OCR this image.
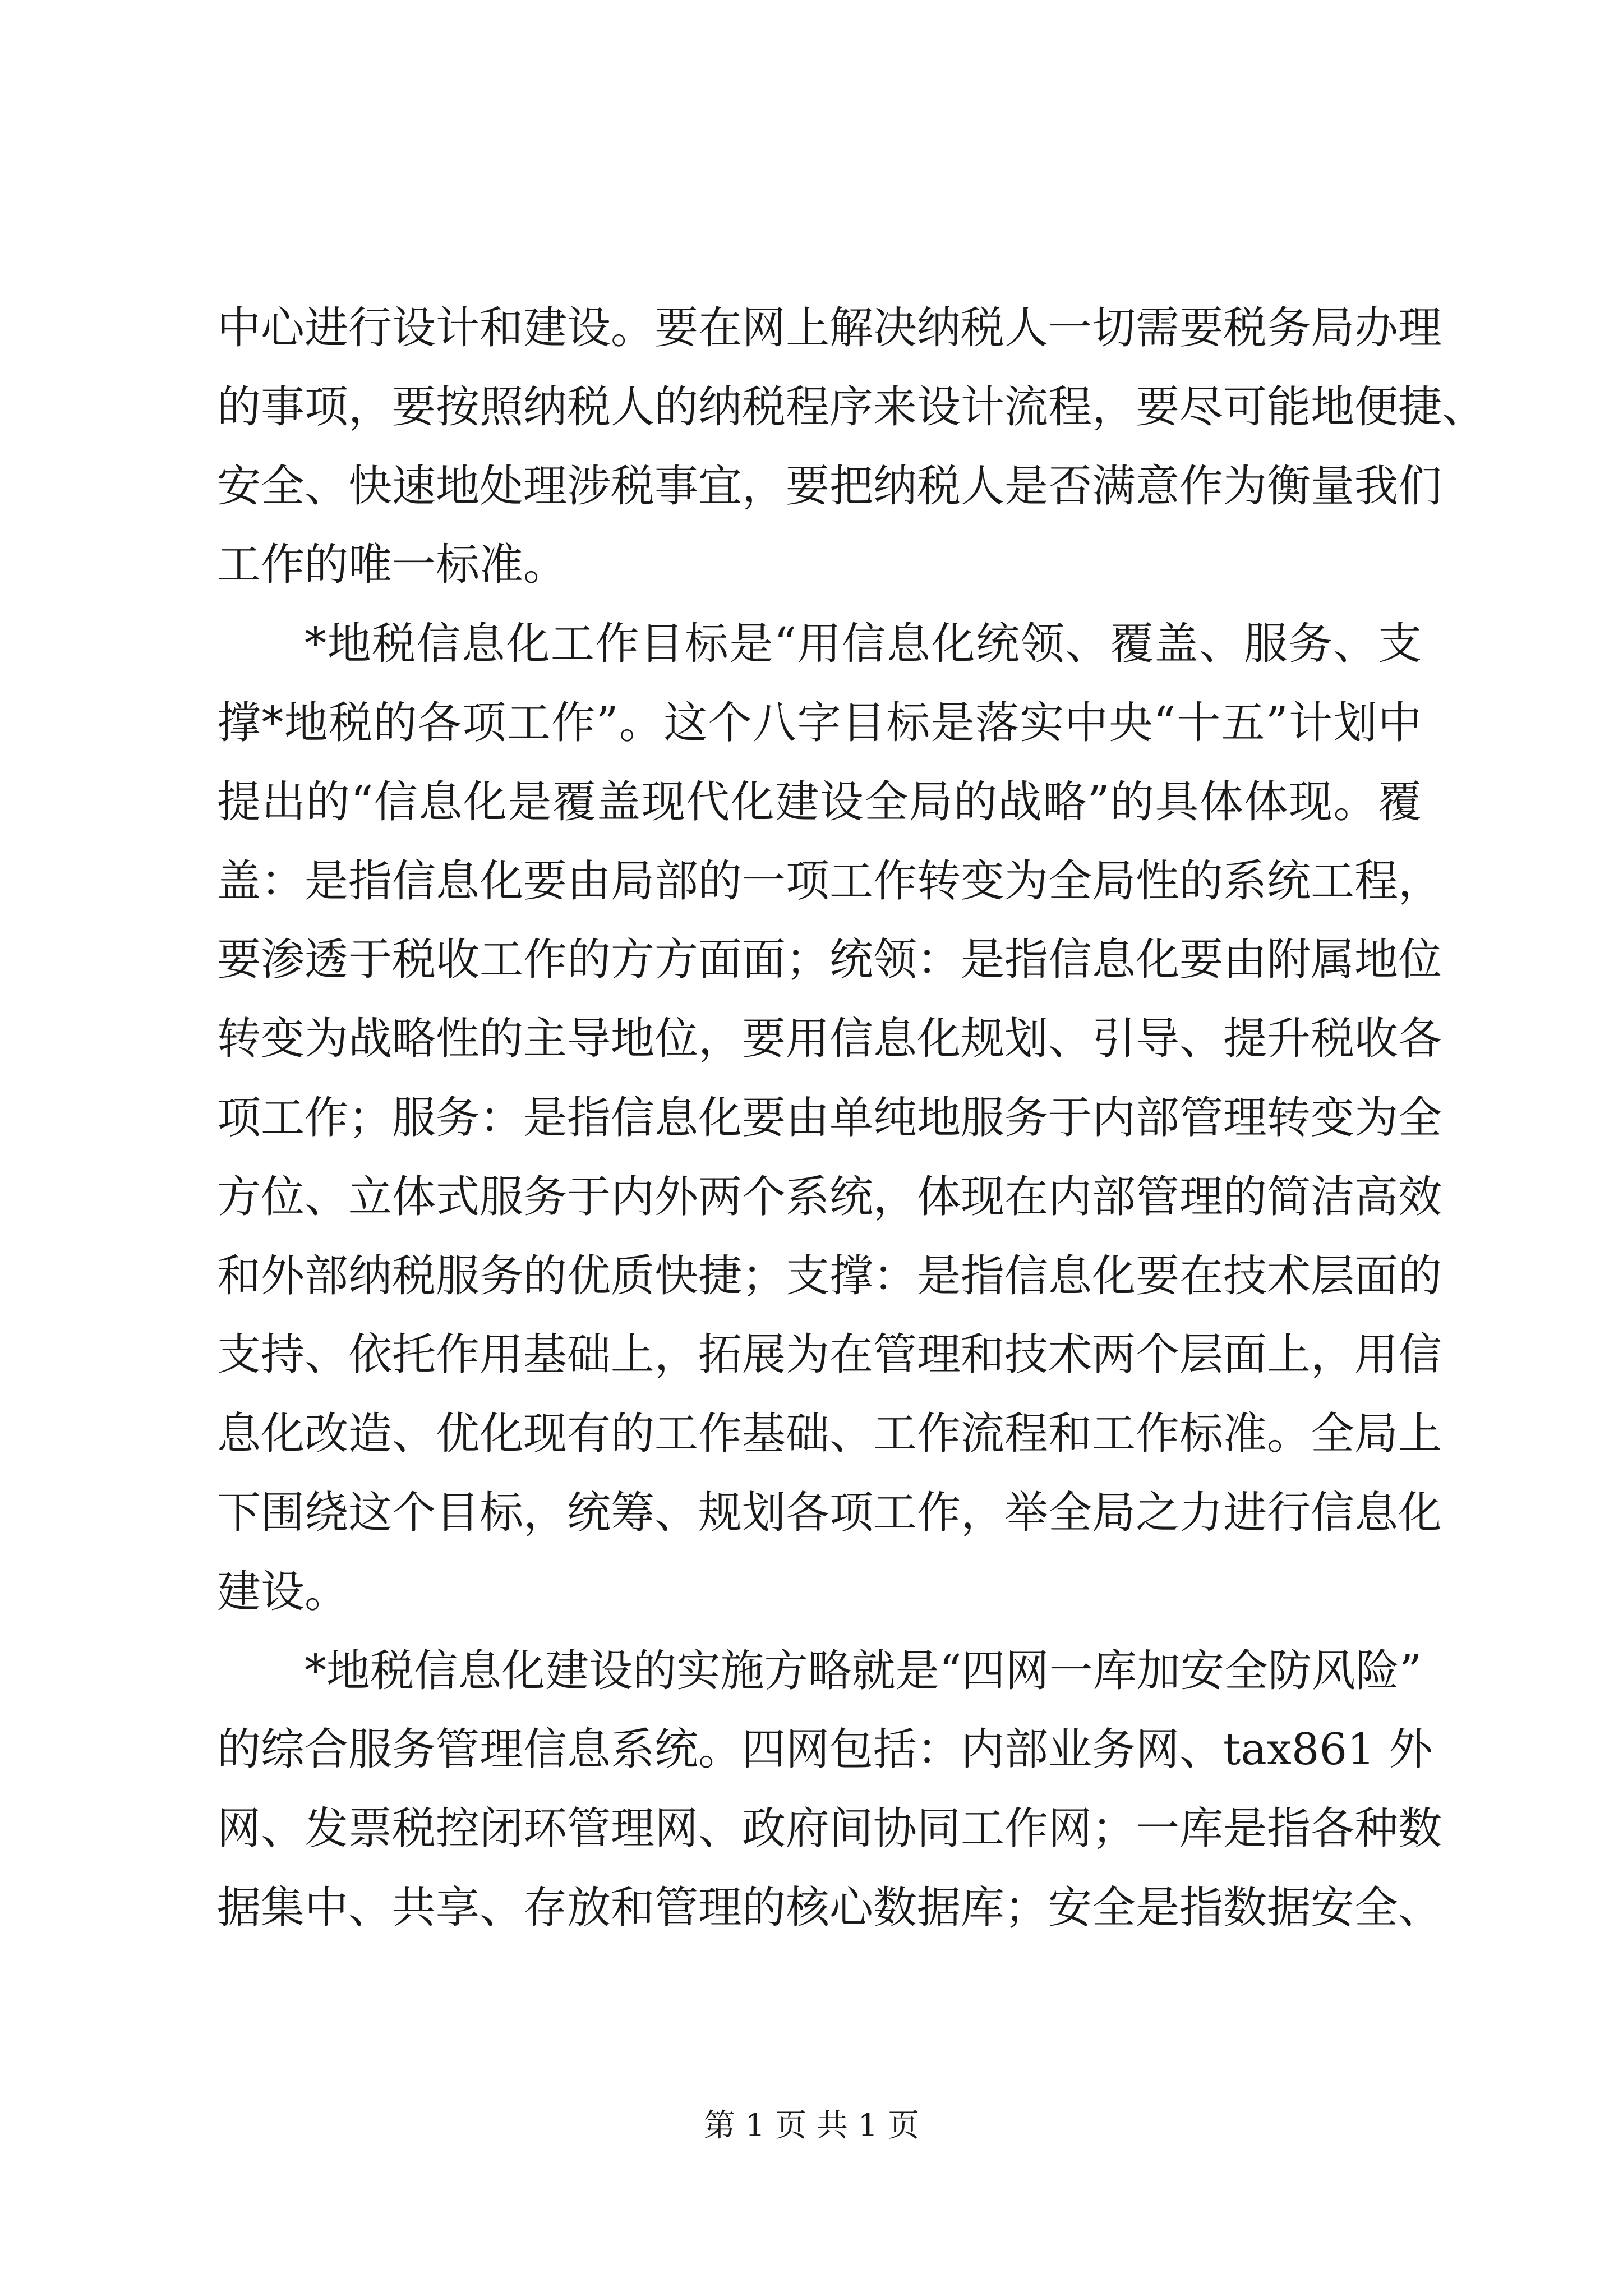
中心进行设计和建设。要在网上解决纳税人一切需要税务局办理
的事项，要按照纳税人的纳税程序来设计流程，要尽可能地便捷、
安全、快速地处理涉税事宜，要把纳税人是否满意作为衡量我们
工作的唯一标准。
*地税信息化工作目标是“用信息化统领、覆盖、服务、支
撑*地税的各项工作”。这个八字目标是落实中央“十五”计划中
提出的“信息化是覆盖现代化建设全局的战略”的具体体现。覆
盖：是指信息化要由局部的一项工作转变为全局性的系统工程，
要渗透于税收工作的方方面面；统领：是指信息化要由附属地位
转变为战略性的主导地位，要用信息化规划、引导、提升税收各
项工作；服务：是指信息化要由单纯地服务于内部管理转变为全
方位、立体式服务于内外两个系统，体现在内部管理的简洁高效
和外部纳税服务的优质快捷；支撑：是指信息化要在技术层面的
支持、依托作用基础上，拓展为在管理和技术两个层面上，用信
息化改造、优化现有的工作基础、工作流程和工作标准。全局上
下围绕这个目标，统筹、规划各项工作，举全局之力进行信息化
建设。
*地税信息化建设的实施方略就是“四网一库加安全防风险”
的综合服务管理信息系统。四网包括：内部业务网、tax861 外
网、发票税控闭环管理网、政府间协同工作网；一库是指各种数
据集中、共享、存放和管理的核心数据库；安全是指数据安全、
第 1 页 共 1 页
